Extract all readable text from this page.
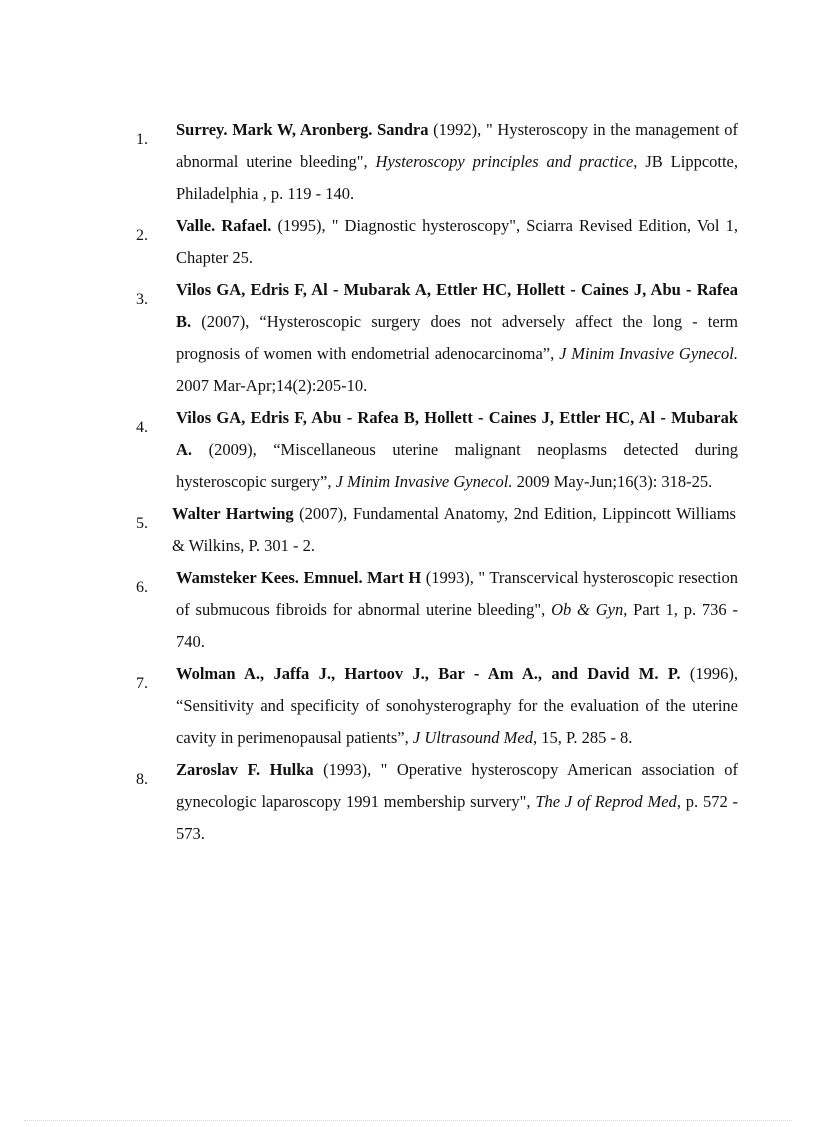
1.
Surrey. Mark W, Aronberg. Sandra (1992), " Hysteroscopy in the management of abnormal uterine bleeding", Hysteroscopy principles and practice, JB Lippcotte, Philadelphia , p. 119 - 140.
2.
Valle. Rafael. (1995), " Diagnostic hysteroscopy", Sciarra Revised Edition, Vol 1, Chapter 25.
3.
Vilos GA, Edris F, Al - Mubarak A, Ettler HC, Hollett - Caines J, Abu - Rafea B. (2007), “Hysteroscopic surgery does not adversely affect the long - term prognosis of women with endometrial adenocarcinoma”, J Minim Invasive Gynecol. 2007 Mar-Apr;14(2):205-10.
4.
Vilos GA, Edris F, Abu - Rafea B, Hollett - Caines J, Ettler HC, Al - Mubarak A. (2009), “Miscellaneous uterine malignant neoplasms detected during hysteroscopic surgery”, J Minim Invasive Gynecol. 2009 May-Jun;16(3): 318-25.
5.
Walter Hartwing (2007), Fundamental Anatomy, 2nd Edition, Lippincott Williams & Wilkins, P. 301 - 2.
6.
Wamsteker Kees. Emnuel. Mart H (1993), " Transcervical hysteroscopic resection of submucous fibroids for abnormal uterine bleeding", Ob & Gyn, Part 1, p. 736 - 740.
7.
Wolman A., Jaffa J., Hartoov J., Bar - Am A., and David M. P. (1996), “Sensitivity and specificity of sonohysterography for the evaluation of the uterine cavity in perimenopausal patients”, J Ultrasound Med, 15, P. 285 - 8.
8.
Zaroslav F. Hulka (1993), " Operative hysteroscopy American association of gynecologic laparoscopy 1991 membership survery", The J of Reprod Med, p. 572 - 573.
